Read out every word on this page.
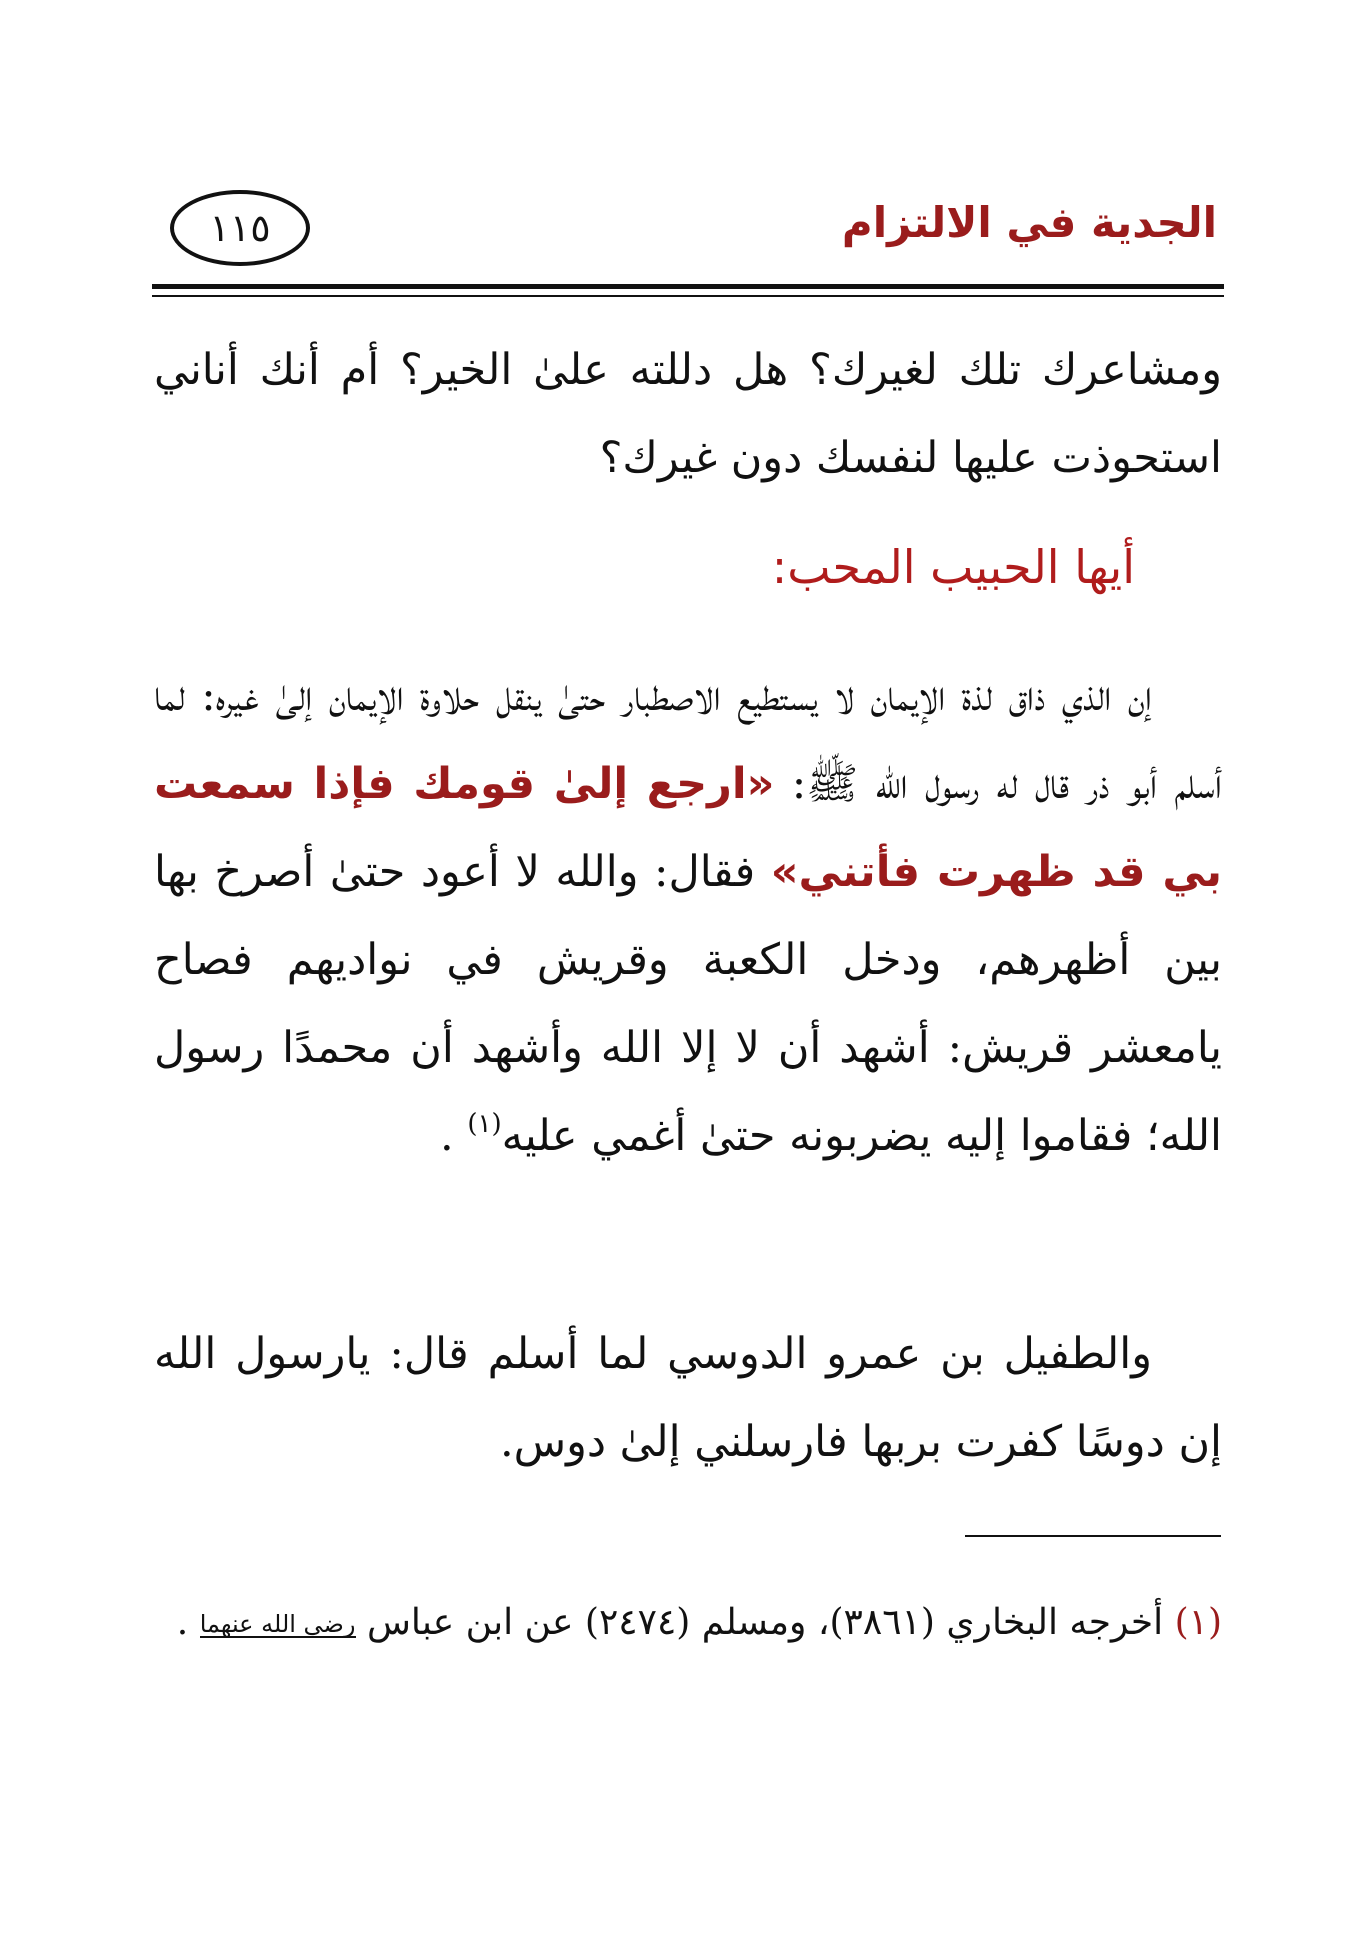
الجدية في الالتزام
١١٥

ومشاعرك تلك لغيرك؟ هل دللته علىٰ الخير؟ أم أنك أناني استحوذت عليها لنفسك دون غيرك؟

أيها الحبيب المحب:

إن الذي ذاق لذة الإيمان لا يستطيع الاصطبار حتىٰ ينقل حلاوة الإيمان إلىٰ غيره: لما أسلم أبو ذر قال له رسول الله ﷺ: «ارجع إلىٰ قومك فإذا سمعت بي قد ظهرت فأتني» فقال: والله لا أعود حتىٰ أصرخ بها بين أظهرهم، ودخل الكعبة وقريش في نواديهم فصاح يامعشر قريش: أشهد أن لا إلا الله وأشهد أن محمدًا رسول الله؛ فقاموا إليه يضربونه حتىٰ أغمي عليه$^{(١)}$ .

والطفيل بن عمرو الدوسي لما أسلم قال: يارسول الله إن دوسًا كفرت بربها فارسلني إلىٰ دوس.

(١) أخرجه البخاري (٣٨٦١)، ومسلم (٢٤٧٤) عن ابن عباس رضي الله عنهما .
